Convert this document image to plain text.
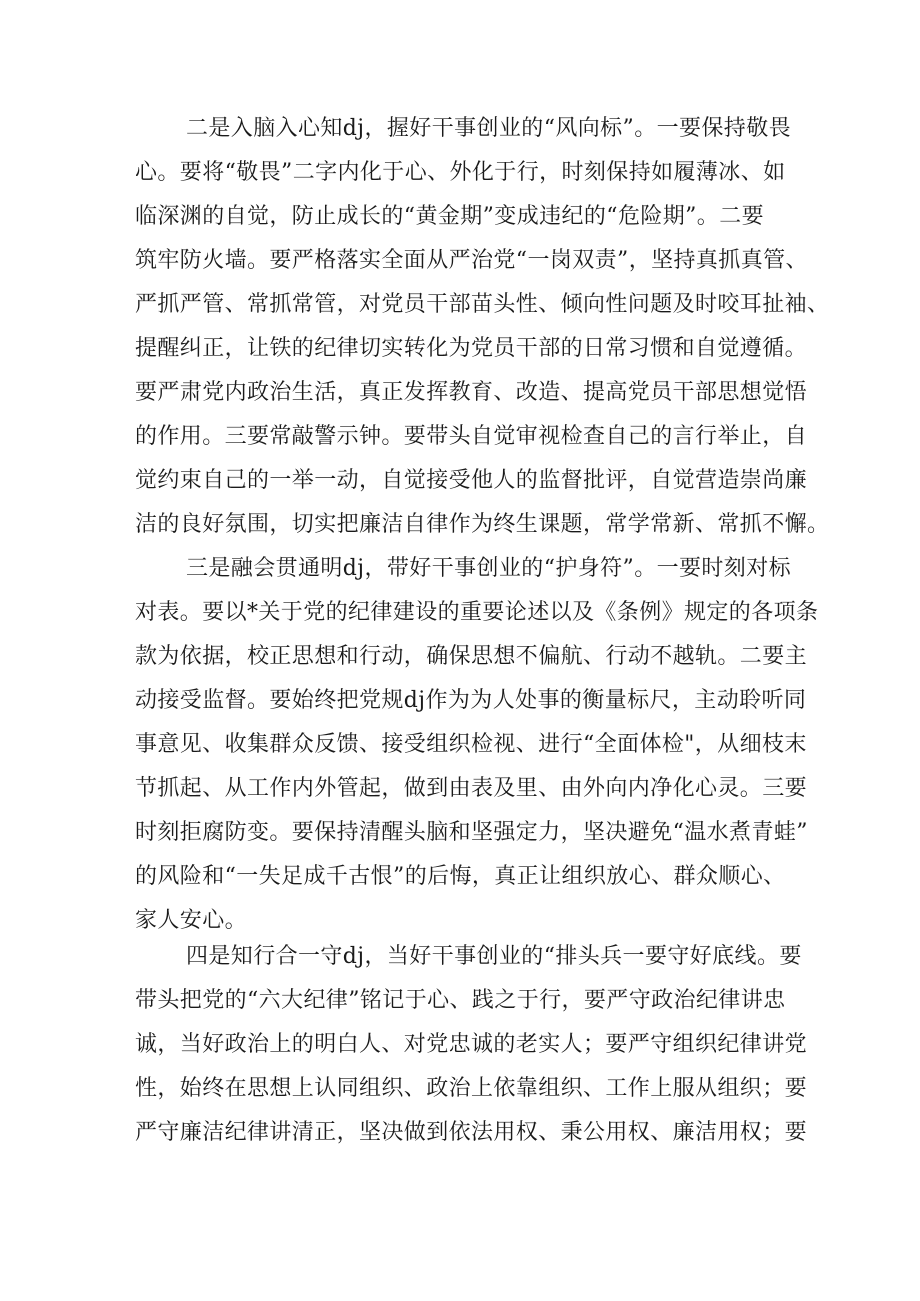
二是入脑入心知dj，握好干事创业的“风向标”。一要保持敬畏
心。要将“敬畏”二字内化于心、外化于行，时刻保持如履薄冰、如
临深渊的自觉，防止成长的“黄金期”变成违纪的“危险期”。二要
筑牢防火墙。要严格落实全面从严治党“一岗双责”，坚持真抓真管、
严抓严管、常抓常管，对党员干部苗头性、倾向性问题及时咬耳扯袖、
提醒纠正，让铁的纪律切实转化为党员干部的日常习惯和自觉遵循。
要严肃党内政治生活，真正发挥教育、改造、提高党员干部思想觉悟
的作用。三要常敲警示钟。要带头自觉审视检查自己的言行举止，自
觉约束自己的一举一动，自觉接受他人的监督批评，自觉营造崇尚廉
洁的良好氛围，切实把廉洁自律作为终生课题，常学常新、常抓不懈。
三是融会贯通明dj，带好干事创业的“护身符”。一要时刻对标
对表。要以*关于党的纪律建设的重要论述以及《条例》规定的各项条
款为依据，校正思想和行动，确保思想不偏航、行动不越轨。二要主
动接受监督。要始终把党规dj作为为人处事的衡量标尺，主动聆听同
事意见、收集群众反馈、接受组织检视、进行“全面体检"，从细枝末
节抓起、从工作内外管起，做到由表及里、由外向内净化心灵。三要
时刻拒腐防变。要保持清醒头脑和坚强定力，坚决避免“温水煮青蛙”
的风险和“一失足成千古恨”的后悔，真正让组织放心、群众顺心、
家人安心。
四是知行合一守dj，当好干事创业的“排头兵一要守好底线。要
带头把党的“六大纪律”铭记于心、践之于行，要严守政治纪律讲忠
诚，当好政治上的明白人、对党忠诚的老实人；要严守组织纪律讲党
性，始终在思想上认同组织、政治上依靠组织、工作上服从组织；要
严守廉洁纪律讲清正，坚决做到依法用权、秉公用权、廉洁用权；要
